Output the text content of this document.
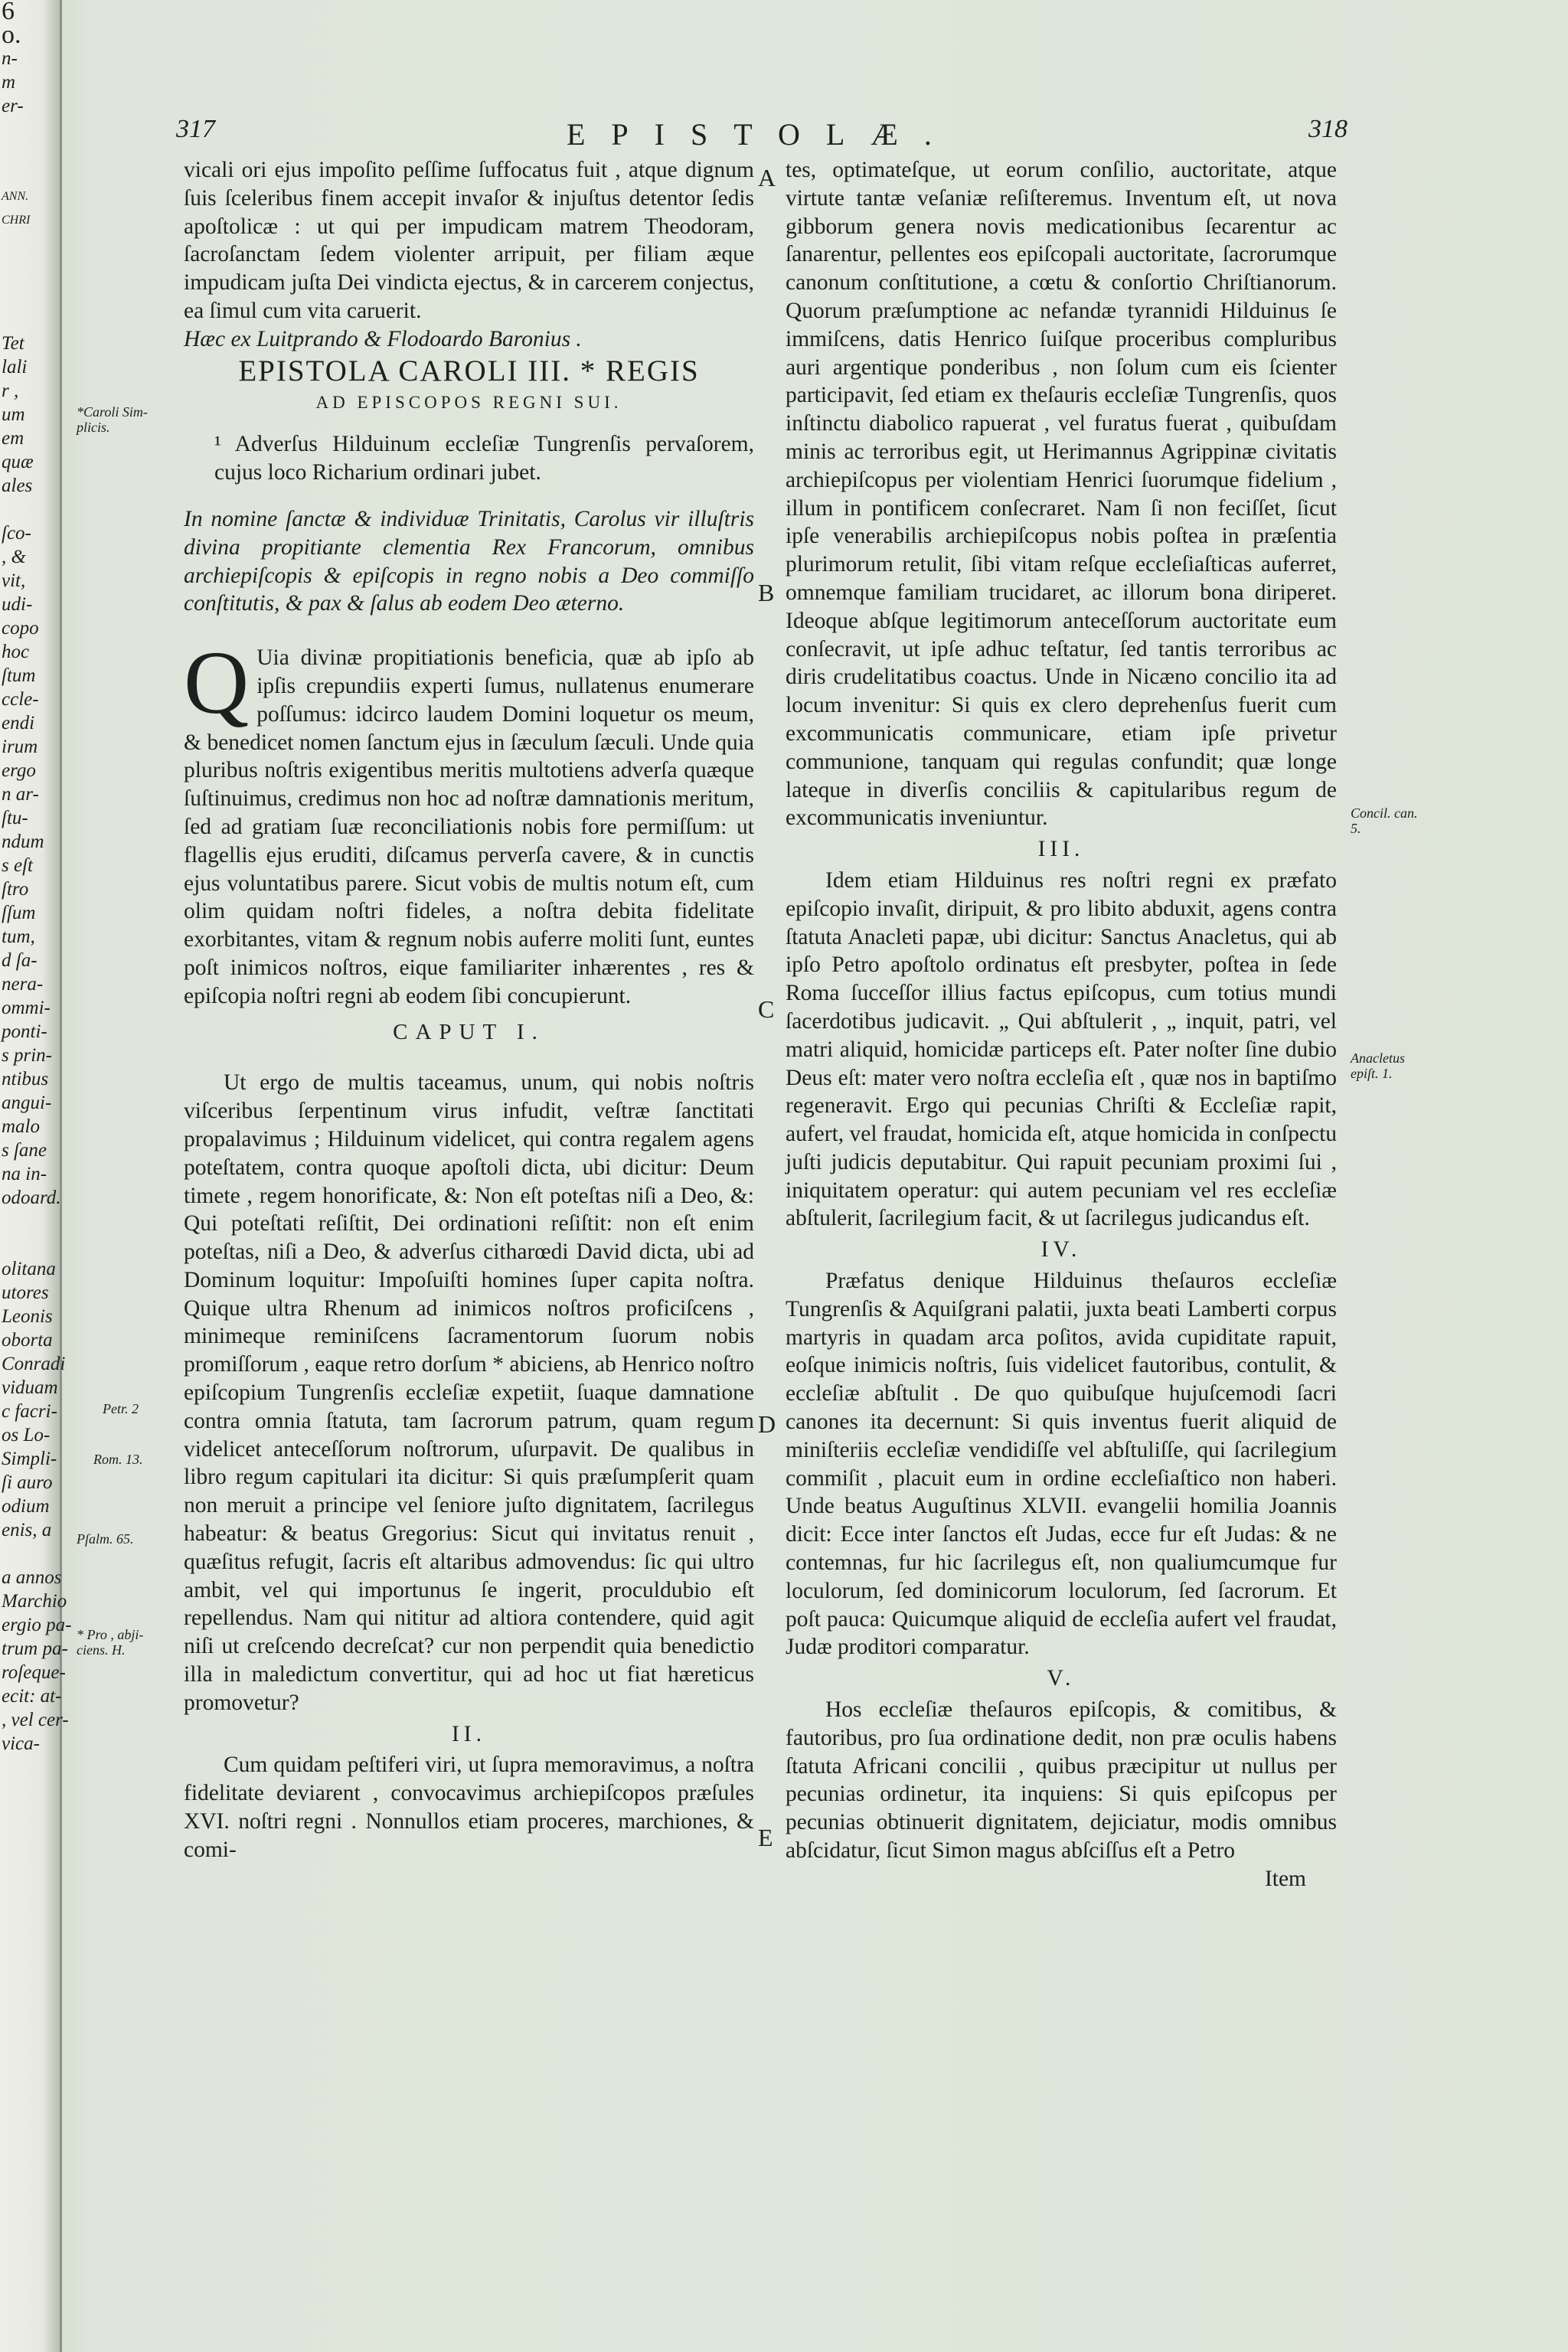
6
o.
n-
m
er-
ANN.
CHRI
Tet
lali
r ,
um
em
quæ
ales
ſco-
, &
vit,
udi-
copo
hoc
ſtum
ccle-
endi
irum
ergo
n ar-
ſtu-
ndum
s eſt
ſtro
ſſum
tum,
d ſa-
nera-
ommi-
ponti-
s prin-
ntibus
angui-
malo
s ſane
na in-
odoard.
olitana
utores
Leonis
oborta
Conradi
viduam
c facri-
os Lo-
Simpli-
ſi auro
odium
enis, a
a annos
Marchio
ergio pa-
trum pa-
roſeque-
ecit: at-
, vel cer-
vica-
317	EPISTOLÆ.	318
*Caroli Sim-
plicis.
Petr. 2
Rom. 13.
Pſalm. 65.
* Pro , abji-
ciens. H.
Concil. can.
5.
Anacletus
epiſt. 1.
A
B
C
D
E

vicali ori ejus impoſito peſſime ſuffocatus fuit , atque dignum ſuis ſceleribus finem accepit invaſor & injuſtus detentor ſedis apoſtolicæ : ut qui per impudicam matrem Theodoram, ſacroſanctam ſedem violenter arripuit, per filiam æque impudicam juſta Dei vindicta ejectus, & in carcerem conjectus, ea ſimul cum vita caruerit.

Hæc ex Luitprando & Flodoardo Baronius .

EPISTOLA CAROLI III. * REGIS

AD EPISCOPOS REGNI SUI.

¹ Adverſus Hilduinum eccleſiæ Tungrenſis pervaſorem, cujus loco Richarium ordinari jubet.

In nomine ſanctæ & individuæ Trinitatis, Carolus vir illuſtris divina propitiante clementia Rex Francorum, omnibus archiepiſcopis & epiſcopis in regno nobis a Deo commiſſo conſtitutis, & pax & ſalus ab eodem Deo æterno.

Q Uia divinæ propitiationis beneficia, quæ ab ipſo ab ipſis crepundiis experti ſumus, nullatenus enumerare poſſumus: idcirco laudem Domini loquetur os meum, & benedicet nomen ſanctum ejus in ſæculum ſæculi. Unde quia pluribus noſtris exigentibus meritis multotiens adverſa quæque ſuſtinuimus, credimus non hoc ad noſtræ damnationis meritum, ſed ad gratiam ſuæ reconciliationis nobis fore permiſſum: ut flagellis ejus eruditi, diſcamus perverſa cavere, & in cunctis ejus voluntatibus parere. Sicut vobis de multis notum eſt, cum olim quidam noſtri fideles, a noſtra debita fidelitate exorbitantes, vitam & regnum nobis auferre moliti ſunt, euntes poſt inimicos noſtros, eique familiariter inhærentes , res & epiſcopia noſtri regni ab eodem ſibi concupierunt.

CAPUT I.

Ut ergo de multis taceamus, unum, qui nobis noſtris viſceribus ſerpentinum virus infudit, veſtræ ſanctitati propalavimus ; Hilduinum videlicet, qui contra regalem agens poteſtatem, contra quoque apoſtoli dicta, ubi dicitur: Deum timete , regem honorificate, &: Non eſt poteſtas niſi a Deo, &: Qui poteſtati reſiſtit, Dei ordinationi reſiſtit: non eſt enim poteſtas, niſi a Deo, & adverſus citharœdi David dicta, ubi ad Dominum loquitur: Impoſuiſti homines ſuper capita noſtra. Quique ultra Rhenum ad inimicos noſtros proficiſcens , minimeque reminiſcens ſacramentorum ſuorum nobis promiſſorum , eaque retro dorſum * abiciens, ab Henrico noſtro epiſcopium Tungrenſis eccleſiæ expetiit, ſuaque damnatione contra omnia ſtatuta, tam ſacrorum patrum, quam regum videlicet anteceſſorum noſtrorum, uſurpavit. De qualibus in libro regum capitulari ita dicitur: Si quis præſumpſerit quam non meruit a principe vel ſeniore juſto dignitatem, ſacrilegus habeatur: & beatus Gregorius: Sicut qui invitatus renuit , quæſitus refugit, ſacris eſt altaribus admovendus: ſic qui ultro ambit, vel qui importunus ſe ingerit, proculdubio eſt repellendus. Nam qui nititur ad altiora contendere, quid agit niſi ut creſcendo decreſcat? cur non perpendit quia benedictio illa in maledictum convertitur, qui ad hoc ut fiat hæreticus promovetur?

II.

Cum quidam peſtiferi viri, ut ſupra memoravimus, a noſtra fidelitate deviarent , convocavimus archiepiſcopos præſules XVI. noſtri regni . Nonnullos etiam proceres, marchiones, & comi-

tes, optimateſque, ut eorum conſilio, auctoritate, atque virtute tantæ veſaniæ reſiſteremus. Inventum eſt, ut nova gibborum genera novis medicationibus ſecarentur ac ſanarentur, pellentes eos epiſcopali auctoritate, ſacrorumque canonum conſtitutione, a cœtu & conſortio Chriſtianorum. Quorum præſumptione ac nefandæ tyrannidi Hilduinus ſe immiſcens, datis Henrico ſuiſque proceribus compluribus auri argentique ponderibus , non ſolum cum eis ſcienter participavit, ſed etiam ex theſauris eccleſiæ Tungrenſis, quos inſtinctu diabolico rapuerat , vel furatus fuerat , quibuſdam minis ac terroribus egit, ut Herimannus Agrippinæ civitatis archiepiſcopus per violentiam Henrici ſuorumque fidelium , illum in pontificem conſecraret. Nam ſi non feciſſet, ſicut ipſe venerabilis archiepiſcopus nobis poſtea in præſentia plurimorum retulit, ſibi vitam reſque eccleſiaſticas auferret, omnemque familiam trucidaret, ac illorum bona diriperet. Ideoque abſque legitimorum anteceſſorum auctoritate eum conſecravit, ut ipſe adhuc teſtatur, ſed tantis terroribus ac diris crudelitatibus coactus. Unde in Nicæno concilio ita ad locum invenitur: Si quis ex clero deprehenſus fuerit cum excommunicatis communicare, etiam ipſe privetur communione, tanquam qui regulas confundit; quæ longe lateque in diverſis conciliis & capitularibus regum de excommunicatis inveniuntur.

III.

Idem etiam Hilduinus res noſtri regni ex præfato epiſcopio invaſit, diripuit, & pro libito abduxit, agens contra ſtatuta Anacleti papæ, ubi dicitur: Sanctus Anacletus, qui ab ipſo Petro apoſtolo ordinatus eſt presbyter, poſtea in ſede Roma ſucceſſor illius factus epiſcopus, cum totius mundi ſacerdotibus judicavit. „ Qui abſtulerit , „ inquit, patri, vel matri aliquid, homicidæ particeps eſt. Pater noſter ſine dubio Deus eſt: mater vero noſtra eccleſia eſt , quæ nos in baptiſmo regeneravit. Ergo qui pecunias Chriſti & Eccleſiæ rapit, aufert, vel fraudat, homicida eſt, atque homicida in conſpectu juſti judicis deputabitur. Qui rapuit pecuniam proximi ſui , iniquitatem operatur: qui autem pecuniam vel res eccleſiæ abſtulerit, ſacrilegium facit, & ut ſacrilegus judicandus eſt.

IV.

Præfatus denique Hilduinus theſauros eccleſiæ Tungrenſis & Aquiſgrani palatii, juxta beati Lamberti corpus martyris in quadam arca poſitos, avida cupiditate rapuit, eoſque inimicis noſtris, ſuis videlicet fautoribus, contulit, & eccleſiæ abſtulit . De quo quibuſque hujuſcemodi ſacri canones ita decernunt: Si quis inventus fuerit aliquid de miniſteriis eccleſiæ vendidiſſe vel abſtuliſſe, qui ſacrilegium commiſit , placuit eum in ordine eccleſiaſtico non haberi. Unde beatus Auguſtinus XLVII. evangelii homilia Joannis dicit: Ecce inter ſanctos eſt Judas, ecce fur eſt Judas: & ne contemnas, fur hic ſacrilegus eſt, non qualiumcumque fur loculorum, ſed dominicorum loculorum, ſed ſacrorum. Et poſt pauca: Quicumque aliquid de eccleſia aufert vel fraudat, Judæ proditori comparatur.

V.

Hos eccleſiæ theſauros epiſcopis, & comitibus, & fautoribus, pro ſua ordinatione dedit, non præ oculis habens ſtatuta Africani concilii , quibus præcipitur ut nullus per pecunias ordinetur, ita inquiens: Si quis epiſcopus per pecunias obtinuerit dignitatem, dejiciatur, modis omnibus abſcidatur, ſicut Simon magus abſciſſus eſt a Petro

Item
